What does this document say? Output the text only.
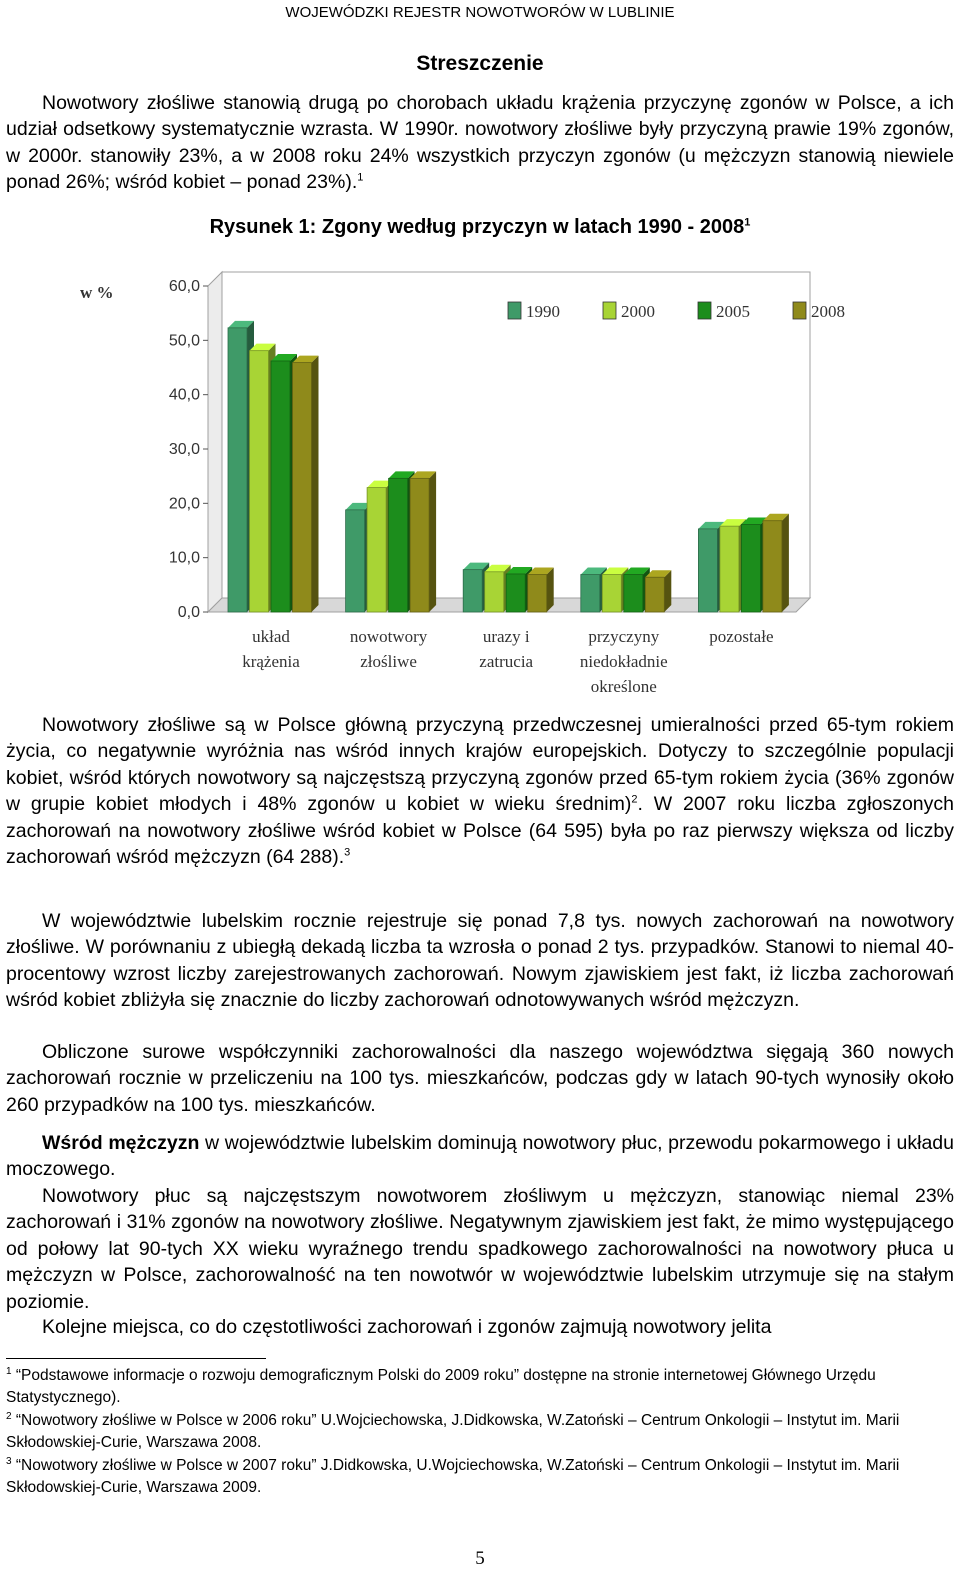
WOJEWÓDZKI REJESTR NOWOTWORÓW W LUBLINIE
Streszczenie
Nowotwory złośliwe stanowią drugą po chorobach układu krążenia przyczynę zgonów w Polsce, a ich udział odsetkowy systematycznie wzrasta. W 1990r. nowotwory złośliwe były przyczyną prawie 19% zgonów, w 2000r. stanowiły 23%, a w 2008 roku 24% wszystkich przyczyn zgonów (u mężczyzn stanowią niewiele ponad 26%; wśród kobiet – ponad 23%).$^1$
Rysunek 1: Zgony według przyczyn w latach 1990 - 2008$^1$
0,0
10,0
20,0
30,0
40,0
50,0
60,0
w %
układ
krążenia
nowotwory
złośliwe
urazy i
zatrucia
przyczyny
niedokładnie
określone
pozostałe
1990	2000	2005	2008
Nowotwory złośliwe są w Polsce główną przyczyną przedwczesnej umieralności przed 65-tym rokiem życia, co negatywnie wyróżnia nas wśród innych krajów europejskich. Dotyczy to szczególnie populacji kobiet, wśród których nowotwory są najczęstszą przyczyną zgonów przed 65-tym rokiem życia (36% zgonów w grupie kobiet młodych i 48% zgonów u kobiet w wieku średnim)$^2$. W 2007 roku liczba zgłoszonych zachorowań na nowotwory złośliwe wśród kobiet w Polsce (64 595) była po raz pierwszy większa od liczby zachorowań wśród mężczyzn (64 288).$^3$
W województwie lubelskim rocznie rejestruje się ponad 7,8 tys. nowych zachorowań na nowotwory złośliwe. W porównaniu z ubiegłą dekadą liczba ta wzrosła o ponad 2 tys. przypadków. Stanowi to niemal 40-procentowy wzrost liczby zarejestrowanych zachorowań. Nowym zjawiskiem jest fakt, iż liczba zachorowań wśród kobiet zbliżyła się znacznie do liczby zachorowań odnotowywanych wśród mężczyzn.
Obliczone surowe współczynniki zachorowalności dla naszego województwa sięgają 360 nowych zachorowań rocznie w przeliczeniu na 100 tys. mieszkańców, podczas gdy w latach 90-tych wynosiły około 260 przypadków na 100 tys. mieszkańców.
Wśród mężczyzn w województwie lubelskim dominują nowotwory płuc, przewodu pokarmowego i układu moczowego.
Nowotwory płuc są najczęstszym nowotworem złośliwym u mężczyzn, stanowiąc niemal 23% zachorowań i 31% zgonów na nowotwory złośliwe. Negatywnym zjawiskiem jest fakt, że mimo występującego od połowy lat 90-tych XX wieku wyraźnego trendu spadkowego zachorowalności na nowotwory płuca u mężczyzn w Polsce, zachorowalność na ten nowotwór w województwie lubelskim utrzymuje się na stałym poziomie.
Kolejne miejsca, co do częstotliwości zachorowań i zgonów zajmują nowotwory jelita
$^1$ “Podstawowe informacje o rozwoju demograficznym Polski do 2009 roku” dostępne na stronie internetowej Głównego Urzędu Statystycznego).
$^2$ “Nowotwory złośliwe w Polsce w 2006 roku” U.Wojciechowska, J.Didkowska, W.Zatoński – Centrum Onkologii – Instytut im. Marii Skłodowskiej-Curie, Warszawa 2008.
$^3$ “Nowotwory złośliwe w Polsce w 2007 roku” J.Didkowska, U.Wojciechowska, W.Zatoński – Centrum Onkologii – Instytut im. Marii Skłodowskiej-Curie, Warszawa 2009.
5
